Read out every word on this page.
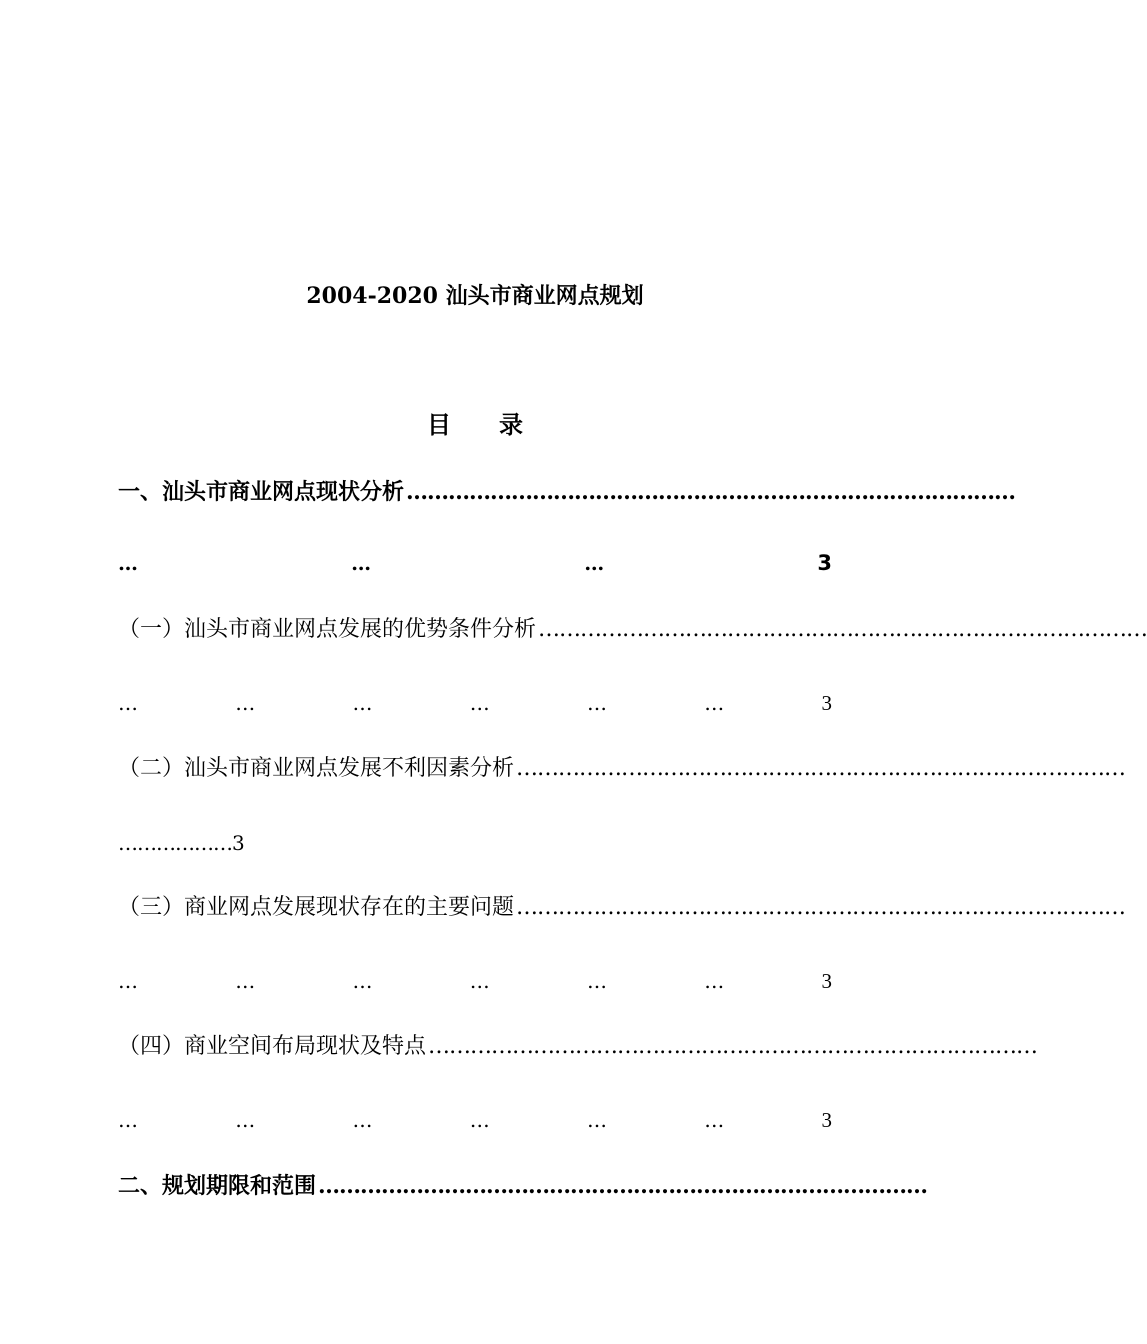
2004-2020 汕头市商业网点规划
目 录
一、汕头市商业网点现状分析 ……………………………………………………………………………
…	…	…	3
（一）汕头市商业网点发展的优势条件分析 ……………………………………………………………………………
…	…	…	…	…	…	3
（二）汕头市商业网点发展不利因素分析 ……………………………………………………………………………
………………3
（三）商业网点发展现状存在的主要问题 ……………………………………………………………………………
…	…	…	…	…	…	3
（四）商业空间布局现状及特点 ……………………………………………………………………………
…	…	…	…	…	…	3
二、规划期限和范围 ……………………………………………………………………………
